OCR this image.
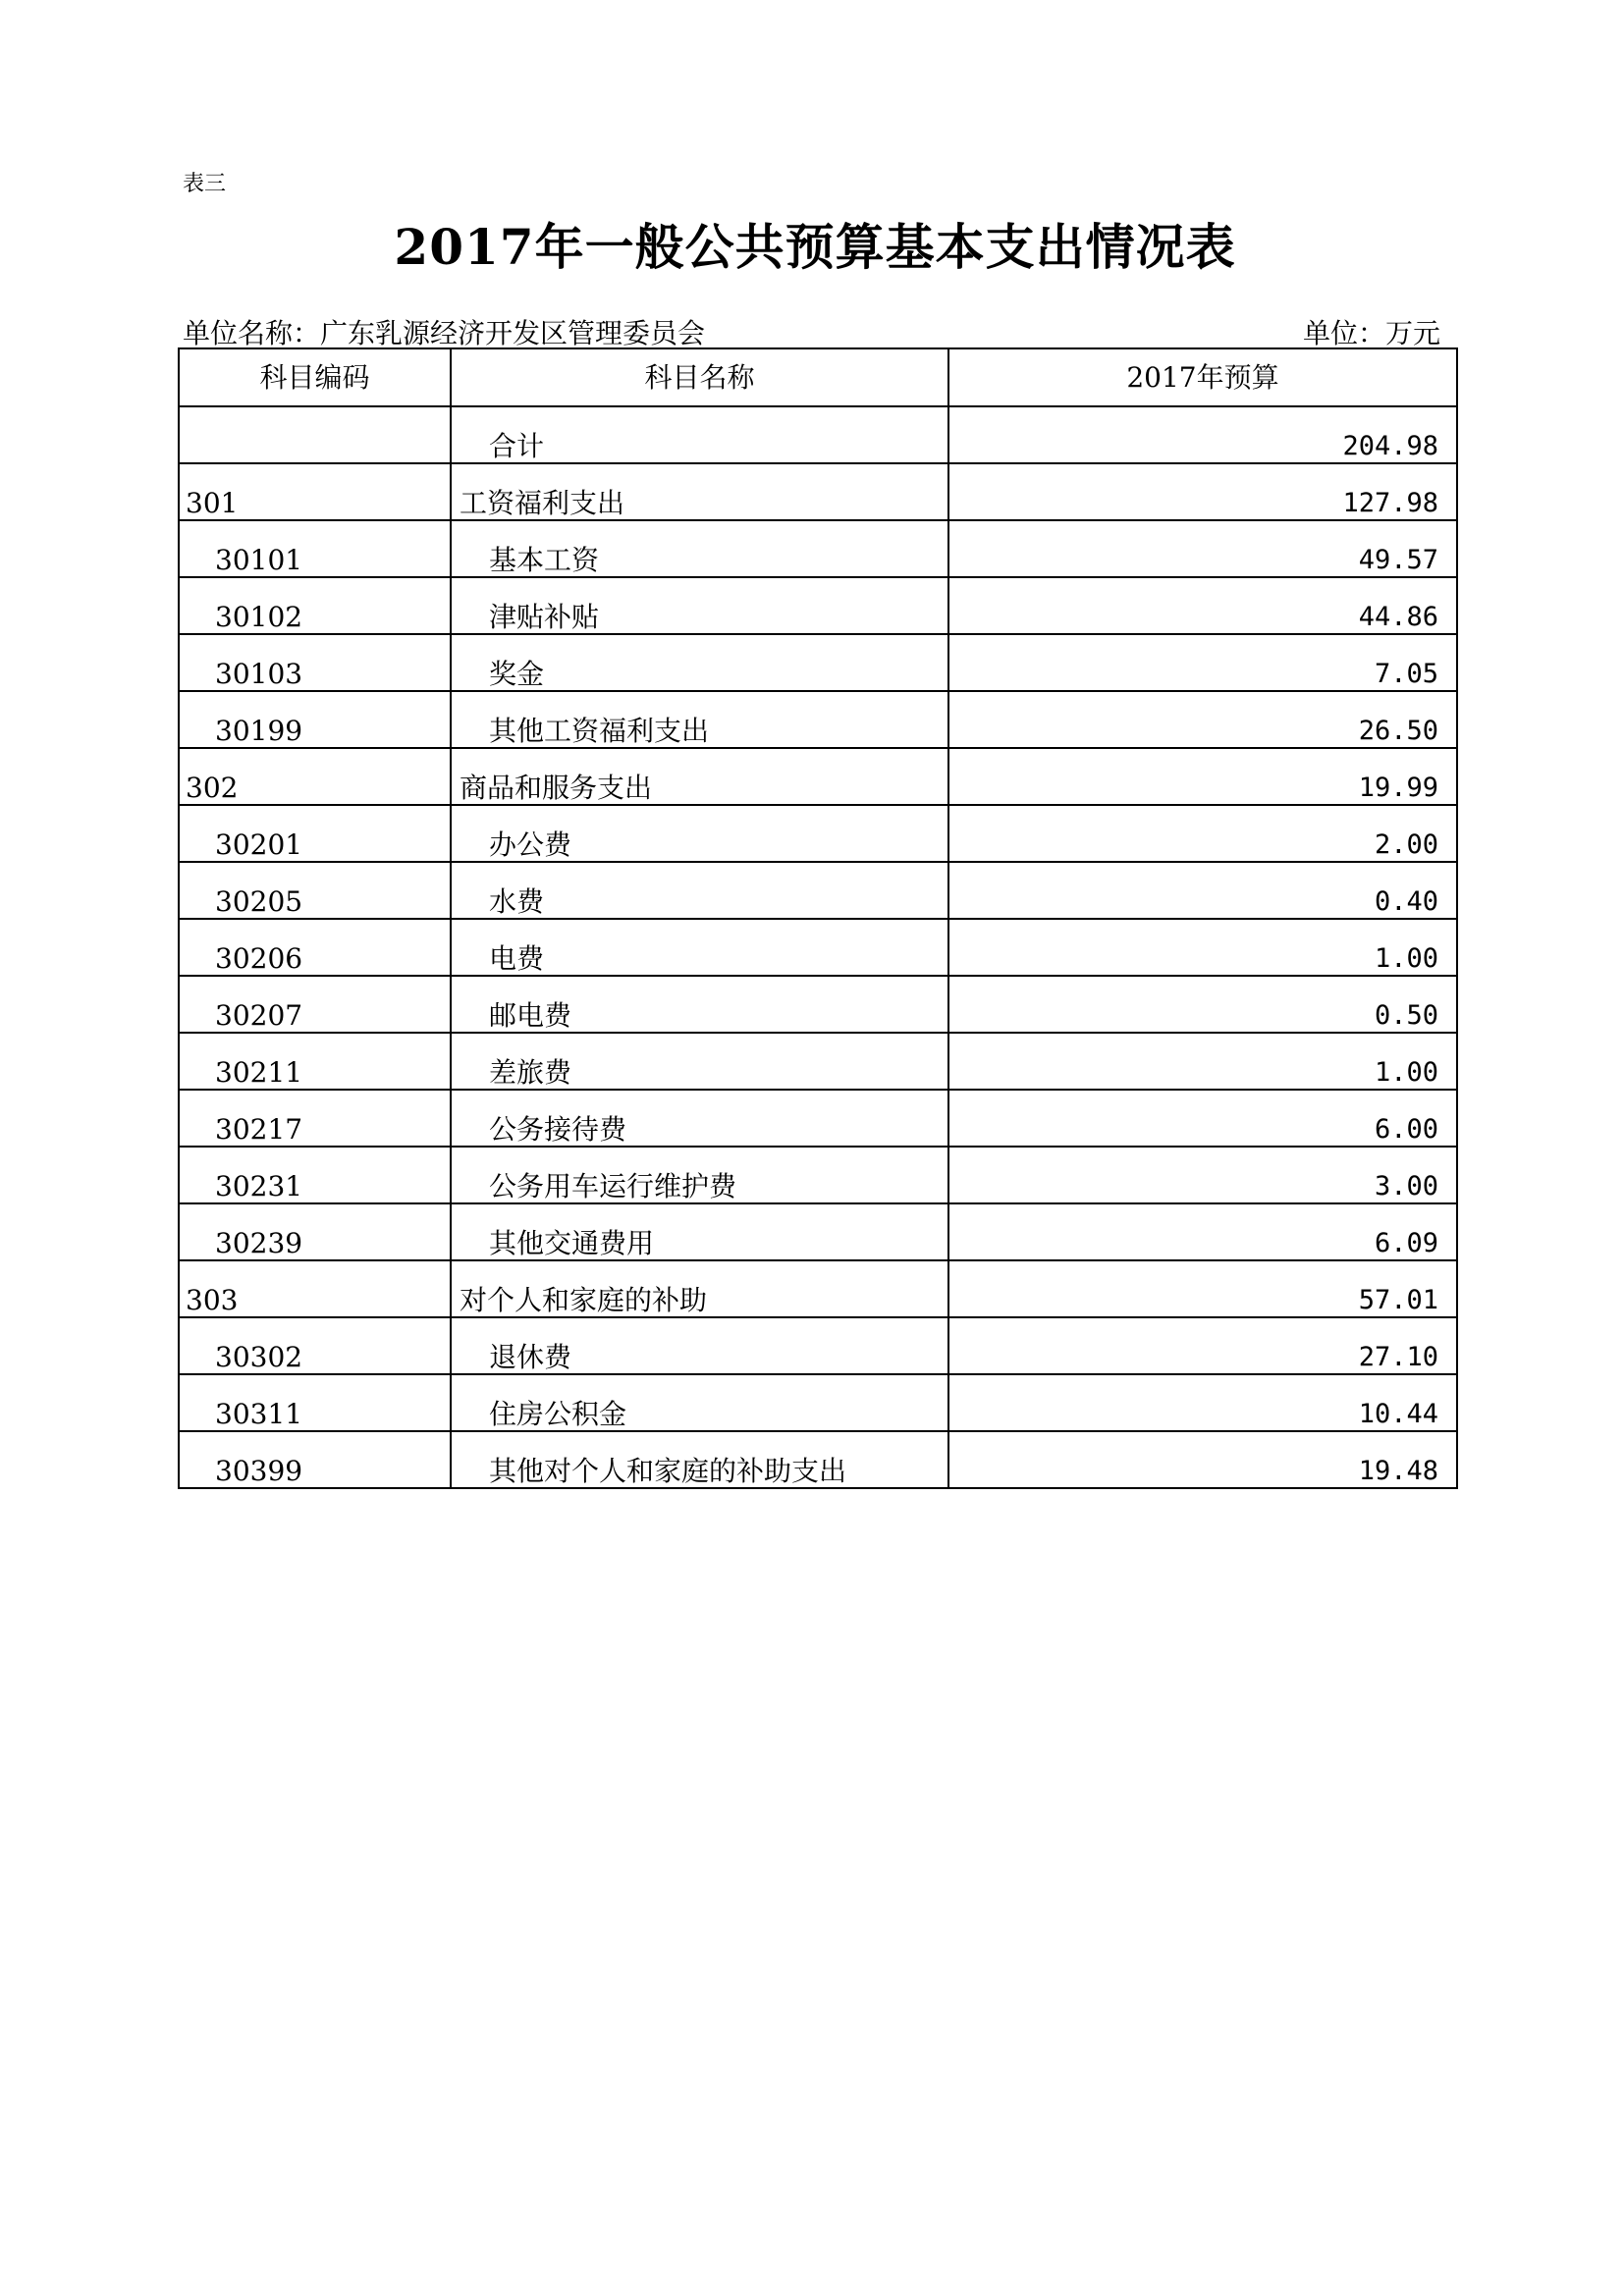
表三
2017年一般公共预算基本支出情况表
单位名称：广东乳源经济开发区管理委员会	单位：万元
科目编码	科目名称	2017年预算
	合计	204.98
301	工资福利支出	127.98
30101	基本工资	49.57
30102	津贴补贴	44.86
30103	奖金	7.05
30199	其他工资福利支出	26.50
302	商品和服务支出	19.99
30201	办公费	2.00
30205	水费	0.40
30206	电费	1.00
30207	邮电费	0.50
30211	差旅费	1.00
30217	公务接待费	6.00
30231	公务用车运行维护费	3.00
30239	其他交通费用	6.09
303	对个人和家庭的补助	57.01
30302	退休费	27.10
30311	住房公积金	10.44
30399	其他对个人和家庭的补助支出	19.48
